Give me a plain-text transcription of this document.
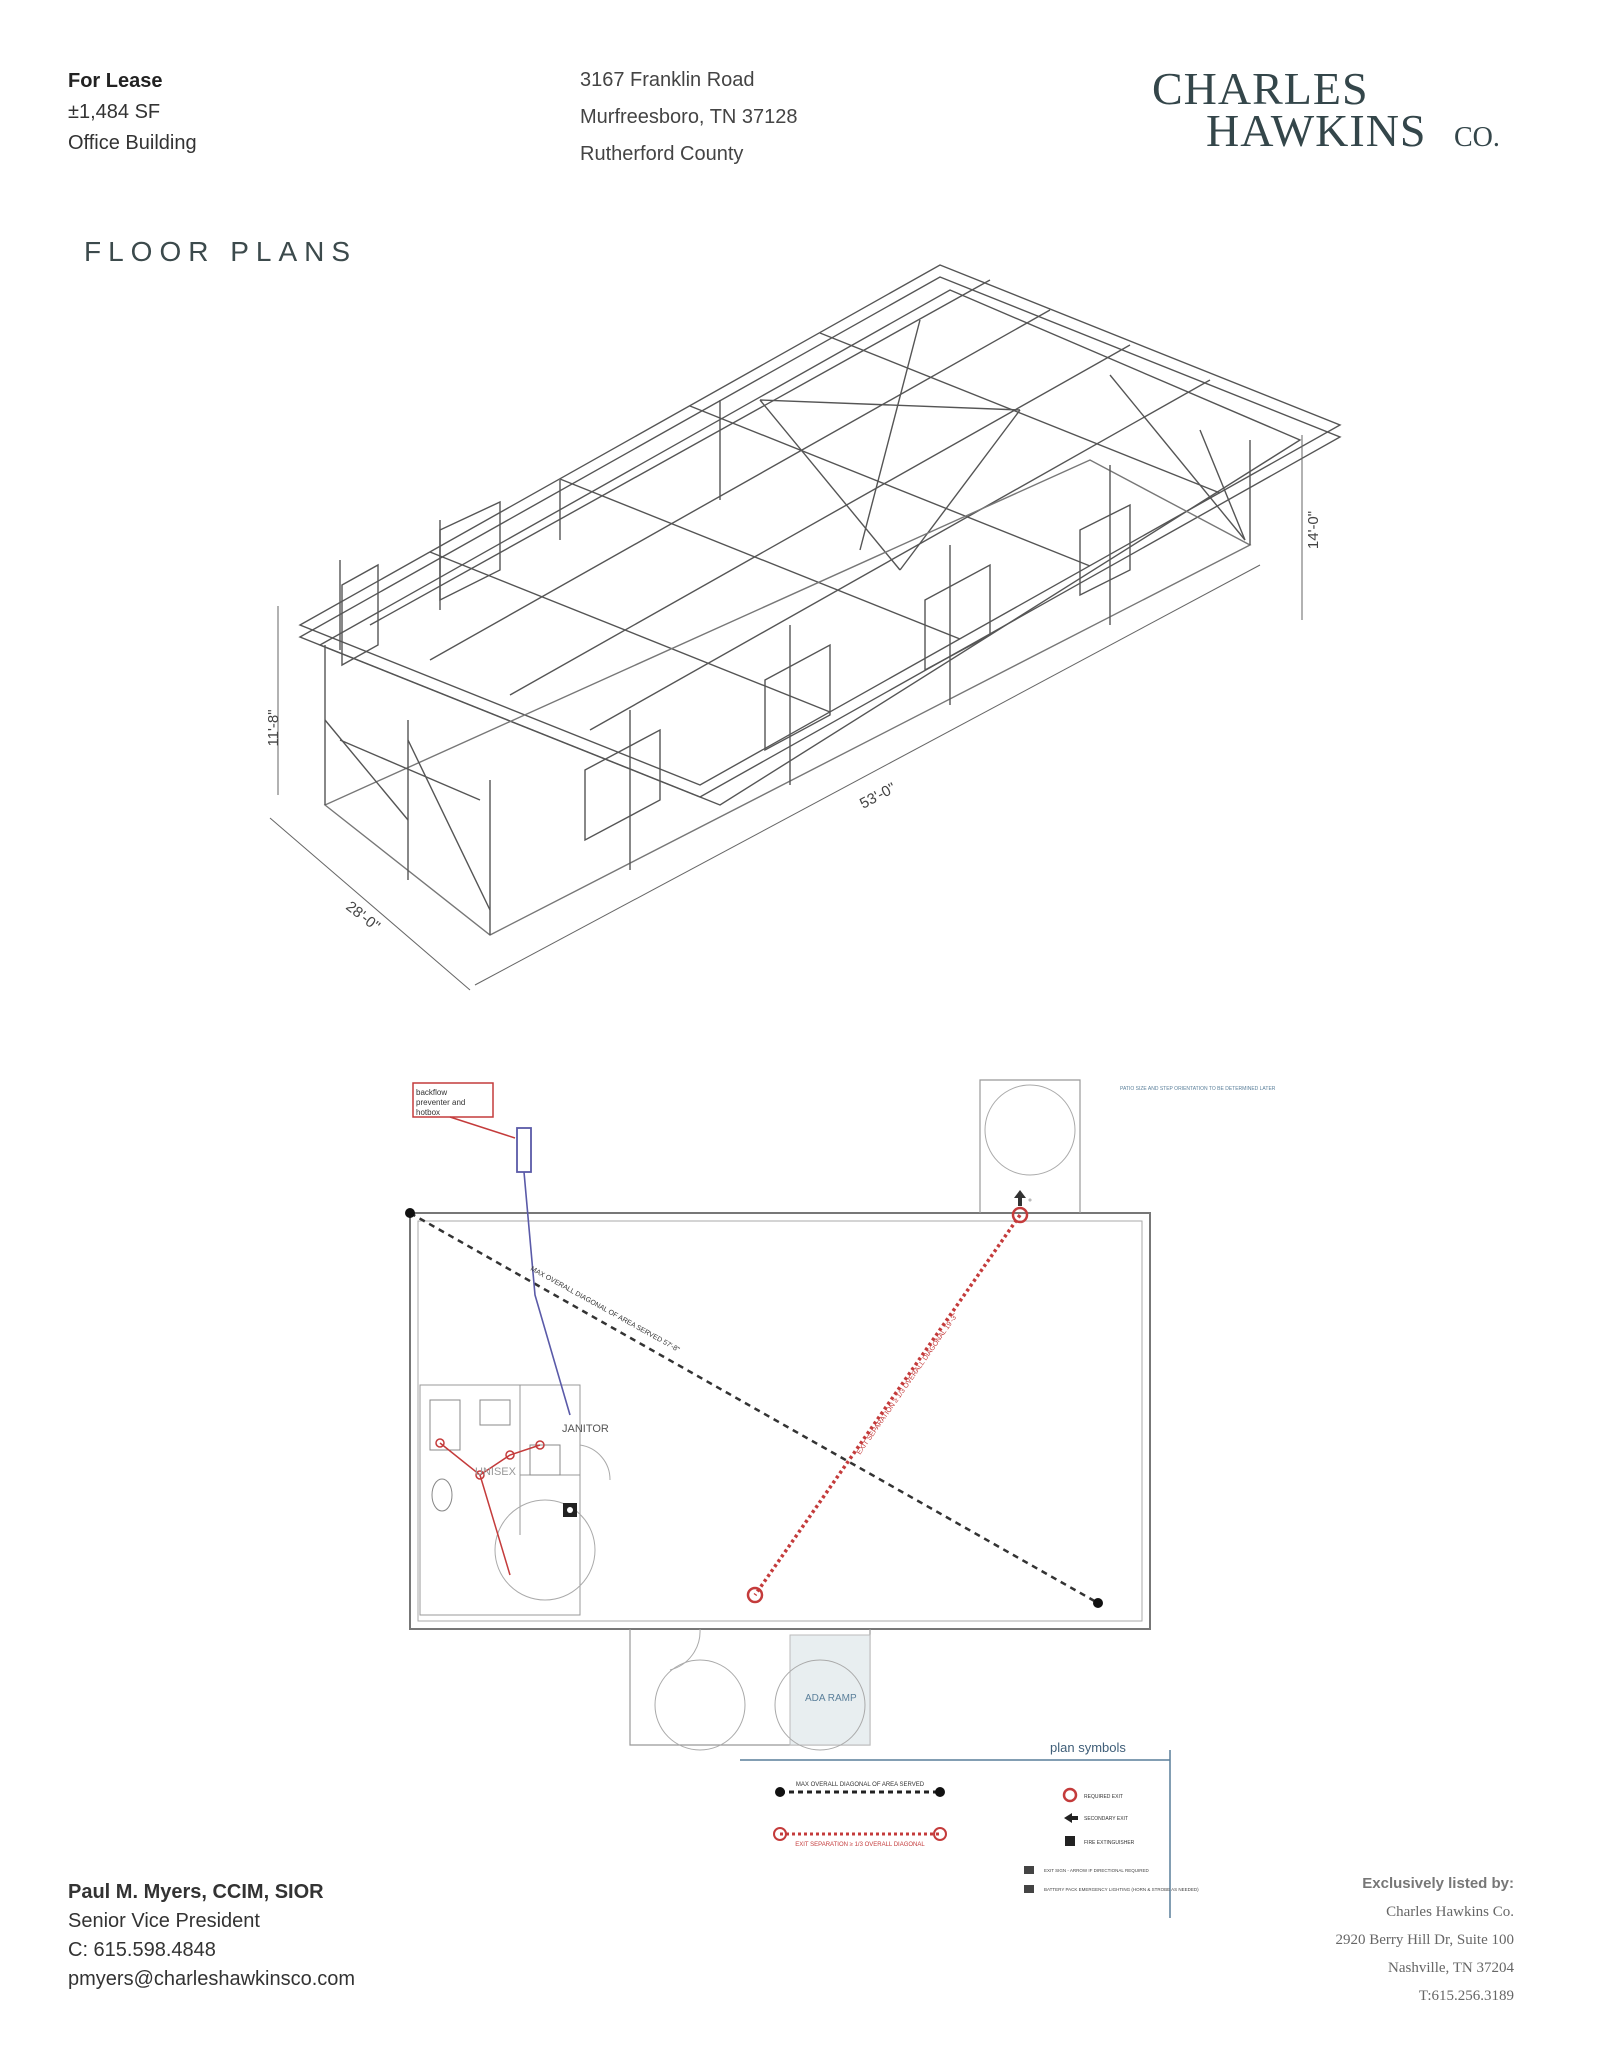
For Lease
±1,484 SF
Office Building
3167 Franklin Road
Murfreesboro, TN 37128
Rutherford County
CHARLES
HAWKINS CO.
FLOOR PLANS
11'-8"
14'-0"
28'-0"
53'-0"
backflow preventer and hotbox
JANITOR
UNISEX
ADA RAMP
MAX OVERALL DIAGONAL OF AREA SERVED 57'-8"
EXIT SEPARATION ≥ 1/3 OVERALL DIAGONAL 19'-3"
PATIO SIZE AND STEP ORIENTATION TO BE DETERMINED LATER
plan symbols
MAX OVERALL DIAGONAL OF AREA SERVED
EXIT SEPARATION ≥ 1/3 OVERALL DIAGONAL
REQUIRED EXIT
SECONDARY EXIT
FIRE EXTINGUISHER
EXIT SIGN - ARROW IF DIRECTIONAL REQUIRED
BATTERY PACK EMERGENCY LIGHTING (HORN & STROBE AS NEEDED)
Paul M. Myers, CCIM, SIOR
Senior Vice President
C: 615.598.4848
pmyers@charleshawkinsco.com
Exclusively listed by:
Charles Hawkins Co.
2920 Berry Hill Dr, Suite 100
Nashville, TN 37204
T:615.256.3189
